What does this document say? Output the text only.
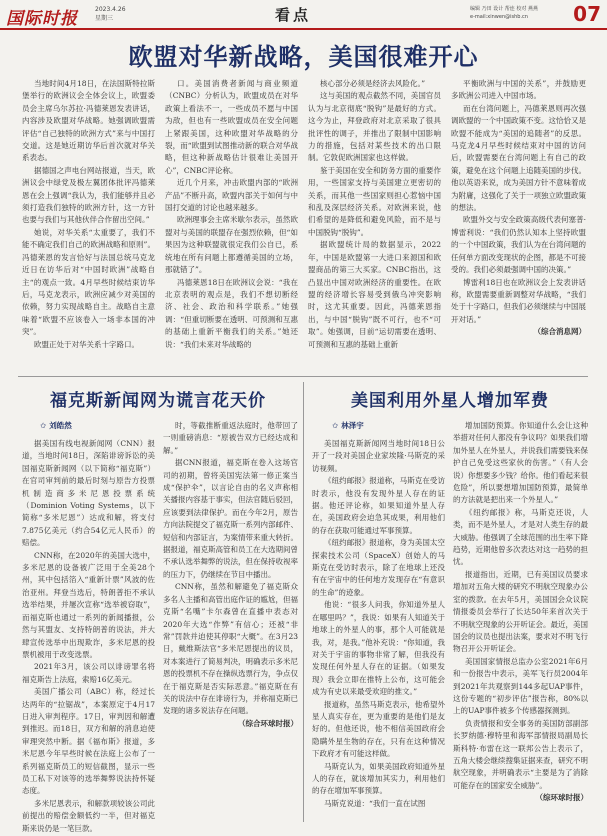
国际时报	2023.4.26
星期三	看点	编辑 乃田 设计 帮连 校对 燕燕
e-mail:xinwen@ishb.cn	07
欧盟对华新战略，美国很难开心

当地时间4月18日，在法国斯特拉斯堡举行的欧洲议会全体会议上，欧盟委员会主席乌尔苏拉·冯德莱恩发表讲话，内容涉及欧盟对华战略。她强调欧盟需评估“自己独特的欧洲方式”来与中国打交道。这是她近期访华后首次就对华关系表态。

据德国之声电台网站报道，当天，欧洲议会中绿党及极左翼团体批评冯德莱恩在会上强调“我认为，我们能够并且必须打造我们独特的欧洲方针，这一方针也要与我们与其他伙伴合作留出空间。”

她说，对华关系“太重要了，我们不能不确定我们自己的欧洲战略和原则”。冯德莱恩的发言恰好与法国总统马克龙近日在访华后对“中国时欧洲”战略自主“的观点一致。4月早些时候结束访华后，马克龙表示，欧洲应减少对美国的依赖，努力实现战略自主。战略自主意味着“欧盟不应该卷入一场非本国的冲突”。

欧盟正处于对华关系十字路口。

口。美国消费者新闻与商业频道（CNBC）分析认为，欧盟成员在对华政策上看法不一，一些成员不愿与中国为敌，但也有一些欧盟成员在安全问题上紧跟美国，这种欧盟对华战略的分裂，而“欧盟到试图推动新的联合对华战略，但这种新战略估计很难让美国开心”，CNBC评论称。

近几个月来，冲击欧盟内部的“欧洲产品”不断升高，欧盟内部关于如何与中国打交道的讨论也越来越多。

欧洲理事会主席米歇尔表示，虽然欧盟对与美国的联盟存在强烈依赖，但“如果因为这种联盟就很定我们公自已，系统地在所有问题上都遵循美国的立场，那就错了”。

冯德莱恩18日在欧洲议会说：“我在北京表明的观点是，我们不想切断经济、社会、政治和科学联系。”她强调：“但重切断要在透明、可预测和互惠的基础上重新平衡我们的关系。”她还说：“我们未来对华战略的

核心部分必须是经济去风险化。”

这与美国的观点截然不同，美国官员认为与北京彻底“脱钩”是最好的方式。这今为止，拜登政府对北京采取了很具批评性的调子，并推出了限制中国影响力的措施，包括对某些技术的出口限制。它敦促欧洲国家也这样做。

鉴于美国在安全和防务方面的重要作用，一些国家支持与美国建立更密切的关系，而其他一些国家则担心惹恼中国和乱及深层经济关系。对欧洲来说，他们希望的是降低和避免风险，而不是与中国脱钩“脱钩”。

据欧盟统计局的数据显示，2022年，中国是欧盟第一大进口来源国和欧盟商品的第三大买家。CNBC指出，这凸显出中国对欧洲经济的重要性。在欧盟的经济增长容易受到俄乌冲突影响时，这尤其重要。因此，冯德莱恩指出，与中国“脱钩”既不可行，也不“可取”。她强调，目前“运切需要在透明、可预测和互惠的基础上重新

平衡欧洲与中国的关系”，并鼓励更多欧洲公司进入中国市场。

而在台湾问题上，冯德莱恩则再次强调欧盟的一个中国政策不变。这恰恰又是欧盟不能成为“美国的追随者”的反思。马克龙4月早些时候结束对中国的访问后，欧盟需要在台湾问题上有自己的政策，避免在这个问题上追随美国的步伐。他以英语来说，成为美国方针不意味着成为附庸，这强化了关于一项独立欧盟政策的想法。

欧盟外交与安全政策高级代表何塞普·博雷利说：“我们仍然认知本上坚持欧盟的一个中国政策，我们认为在台湾问题的任何单方面改变现状的企图，都是不可接受的。我们必须最强调中国的决策。”

博雷利18日也在欧洲议会上发表讲话称，欧盟需要重新调整对华战略，“我们处于十字路口，但我们必须继续与中国展开对话。”

（综合消息网）

福克斯新闻网为谎言花天价
✩ 刘皓然

据美国有线电视新闻网（CNN）报道，当地时间18日，深陷诽谤诉讼的美国福克斯新闻网（以下简称“福克斯”）在官司审判前的最后时刻与原告方投票机制造商多米尼恩投票系统（Dominion Voting Systems，以下简称“多米尼恩”）达成和解，将支付7.875亿美元（约合54亿元人民币）的赔偿。

CNN称，在2020年的美国大选中，多米尼恩的设备被广泛用于全美28个州，其中包括箔入“重新计票”风波的佐治亚州。拜登当选后，特朗普拒不承认选举结果，并屡次宣称“选举被窃取”，而福克斯也通过一系列的新闻播报，公然与其盟友、支持特朗普的说法，并大肆宣传选举中出现欺诈，多米尼恩的投票机被用于改变选票。

2021年3月，该公司以诽谤罪名将福克斯告上法庭，索赔16亿美元。

美国广播公司（ABC）称，经过长达两年的“拉锯战”，本案原定于4月17日进入审判程序。17日，审判因和解遭到推迟。而18日，双方和解的消息迫使审理突然中断。据《福布斯》报道，多米尼恩今年早些时候在法庭上公布了一系列福克斯员工的短信截图，显示一些员工私下对该等的选举舞弊说法持怀疑态度。

多米尼恩表示，和解款项较该公司此前提出的赔偿金额低约一半，但对福克斯来说仍是一笔巨款。

时，等截推断重返法庭时，他带回了一则重磅消息：“原被告双方已经达成和解。”

据CNN报道，福克斯在卷入这场官司的初期，曾将美国宪法第一修正案当成“保护伞”，以言论自由的名义声称相关播报内容基于事实，但法官随后驳回，应该要到法律保护。而在今年2月，原告方向法院提交了福克斯一系列内部邮件、短信和内部证言，为案情带来重大转折。据报道，福克斯高管和员工在大选期间曾不承认选举舞弊的说法，但在保持收视率的压力下，仍继续在节目中播出。

CNN称，虽然和解避免了福克斯众多名人主播和高管出庭作证的尴尬，但福克斯“名嘴”卡尔森曾在直播中表态对2020年大选“作弊”有信心；还被“非常”罚款并迫使其停职“大概”。在3月23日，戴维斯法官“多米尼恩提出的议员，对本案进行了简易判决，明确表示多米尼恩的投票机不存在操纵选票行为，争点仅在于福克斯是否实际恶意。”福克斯在有关的说法中存在诽谤行为，并称福克斯已发现的诸多说法存在问题。

（综合环球时报）

美国利用外星人增加军费
✩ 林泽宇

美国福克斯新闻网当地时间18日公开了一段对美国企业家埃隆·马斯克的采访视频。

《纽约邮报》报道称，马斯克在受访时表示，他没有发现外星人存在的证据。他还评论称，如果知道外星人存在，美国政府会迫急其成果，利用他们的存在获取可能通过军事预算。

《纽约邮报》报道称，身为美国太空探索技术公司（SpaceX）创始人的马斯克在受访时表示，除了在地球上还没有在宇宙中的任何地方发现存在“有意识的生命”的迹象。

他说：“很多人问我，你知道外星人在哪里吗？”，我说：如果有人知道关于地球上的外星人的事，那个人可能就是我，对，是我。”他补充说：“你知道，我对关于宇宙的事物非常了解，但我没有发现任何外星人存在的证据。（如果发现）我会立即在推特上公布，这可能会成为有史以来最受欢迎的推文。”

报道称，虽然马斯克表示，他希望外星人真实存在，更为重要的是他们是友好的。但他还说，他不相信美国政府会隐瞒外星生物的存在，只有在这种情况下政府才有可能这样做。

马斯克认为，如果美国政府知道外星人的存在，就该增加其实力，利用他们的存在增加军事预算。

马斯克说道：“我们一直在试图

增加国防预算。你知道什么会让这种举措对任何人都没有争议吗？如果我们增加外星人在外星人，并说我们需要钱来保护自己免受这些家伙的伤害。”（有人会说）你想要多少钱？给你。他们看起来很危险”，所以要想增加国防预算，最简单的方法就是把出来一个外星人。”

《纽约邮报》称，马斯克还说，人类，而不是外星人，才是对人类生存的最大威胁。他强调了全球范围的出生率下降趋势，近期他曾多次表达对这一趋势的担忧。

报道指出，近期，已有美国议员要求增加对五角大楼的研究不明航空现象办公室的拨款。在去年5月，美国国会众议院情报委员会举行了长达50年来首次关于不明航空现象的公开听证会。最近，美国国会的议员也提出法案，要求对不明飞行物召开公开听证会。

美国国家情报总监办公室2021年6月和一份报告中表示，美军飞行员2004年到2021年共观察到144多起UAP事件，这份专题的“初步评估”报告称，80%以上的UAP事件被多个传感器探测到。

负责情报和安全事务的美国防部副部长罗纳德·穆特里和海军部情报局副局长斯科特·布雷在这一联邦公告上表示了，五角大楼会继续搜集证据来查，研究不明航空现象，并明确表示“主要是为了消除可能存在的国家安全威胁”。

（综环球时报）
